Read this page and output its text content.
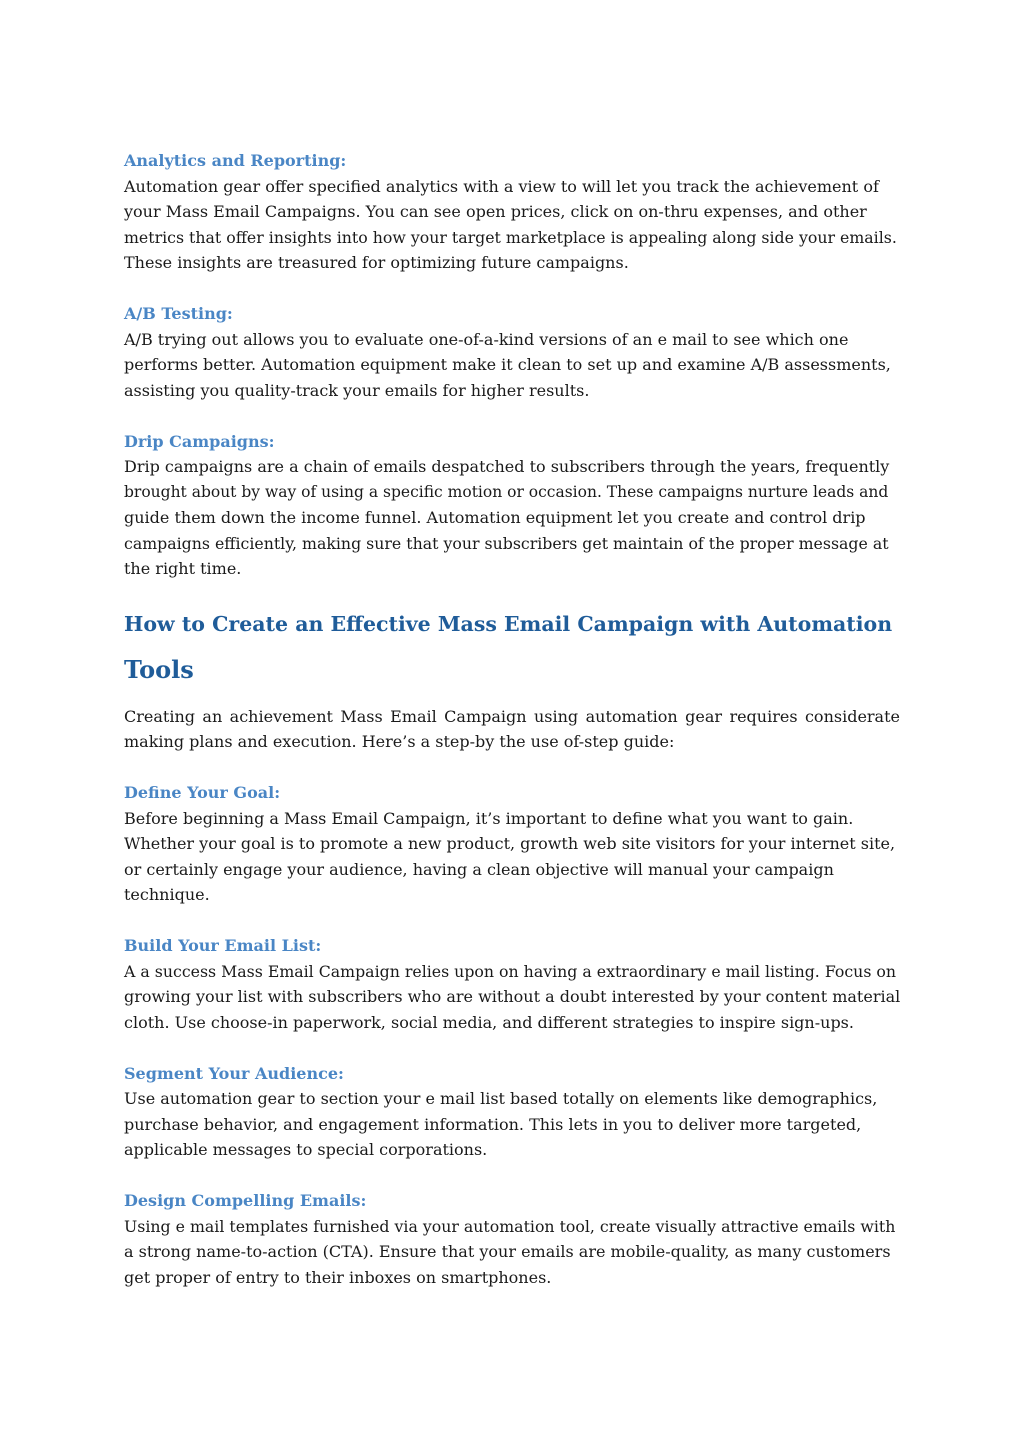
Analytics and Reporting:

Automation gear offer specified analytics with a view to will let you track the achievement of
your Mass Email Campaigns. You can see open prices, click on on-thru expenses, and other
metrics that offer insights into how your target marketplace is appealing along side your emails.
These insights are treasured for optimizing future campaigns.

A/B Testing:

A/B trying out allows you to evaluate one-of-a-kind versions of an e mail to see which one
performs better. Automation equipment make it clean to set up and examine A/B assessments,
assisting you quality-track your emails for higher results.

Drip Campaigns:

Drip campaigns are a chain of emails despatched to subscribers through the years, frequently
brought about by way of using a specific motion or occasion. These campaigns nurture leads and
guide them down the income funnel. Automation equipment let you create and control drip
campaigns efficiently, making sure that your subscribers get maintain of the proper message at
the right time.

How to Create an Effective Mass Email Campaign with Automation
Tools

Creating an achievement Mass Email Campaign using automation gear requires considerate
making plans and execution. Here’s a step-by the use of-step guide:

Define Your Goal:

Before beginning a Mass Email Campaign, it’s important to define what you want to gain.
Whether your goal is to promote a new product, growth web site visitors for your internet site,
or certainly engage your audience, having a clean objective will manual your campaign
technique.

Build Your Email List:

A a success Mass Email Campaign relies upon on having a extraordinary e mail listing. Focus on
growing your list with subscribers who are without a doubt interested by your content material
cloth. Use choose-in paperwork, social media, and different strategies to inspire sign-ups.

Segment Your Audience:

Use automation gear to section your e mail list based totally on elements like demographics,
purchase behavior, and engagement information. This lets in you to deliver more targeted,
applicable messages to special corporations.

Design Compelling Emails:

Using e mail templates furnished via your automation tool, create visually attractive emails with
a strong name-to-action (CTA). Ensure that your emails are mobile-quality, as many customers
get proper of entry to their inboxes on smartphones.
